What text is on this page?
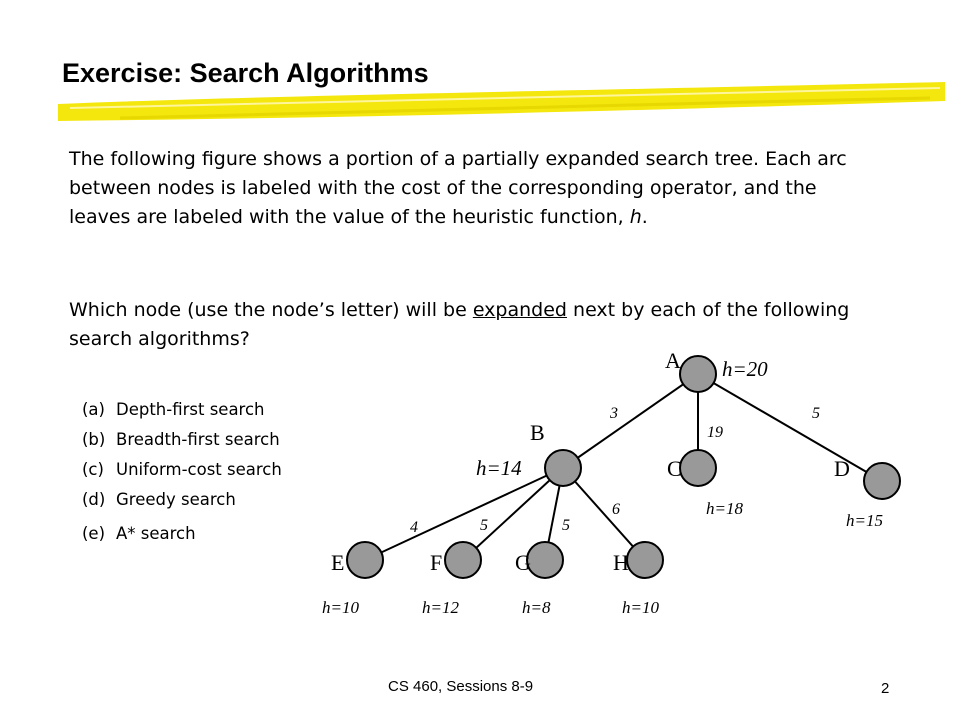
Exercise: Search Algorithms
The following figure shows a portion of a partially expanded search tree. Each arc between nodes is labeled with the cost of the corresponding operator, and the leaves are labeled with the value of the heuristic function, h.
Which node (use the node’s letter) will be expanded next by each of the following search algorithms?
(a) Depth-first search
(b) Breadth-first search
(c) Uniform-cost search
(d) Greedy search
(e) A* search
3
19
5
4	5	5
6
A h=20
B
h=14	C
h=18
D
h=15
E
h=10
F
h=12
G
h=8
H
h=10
CS 460, Sessions 8-9	2
